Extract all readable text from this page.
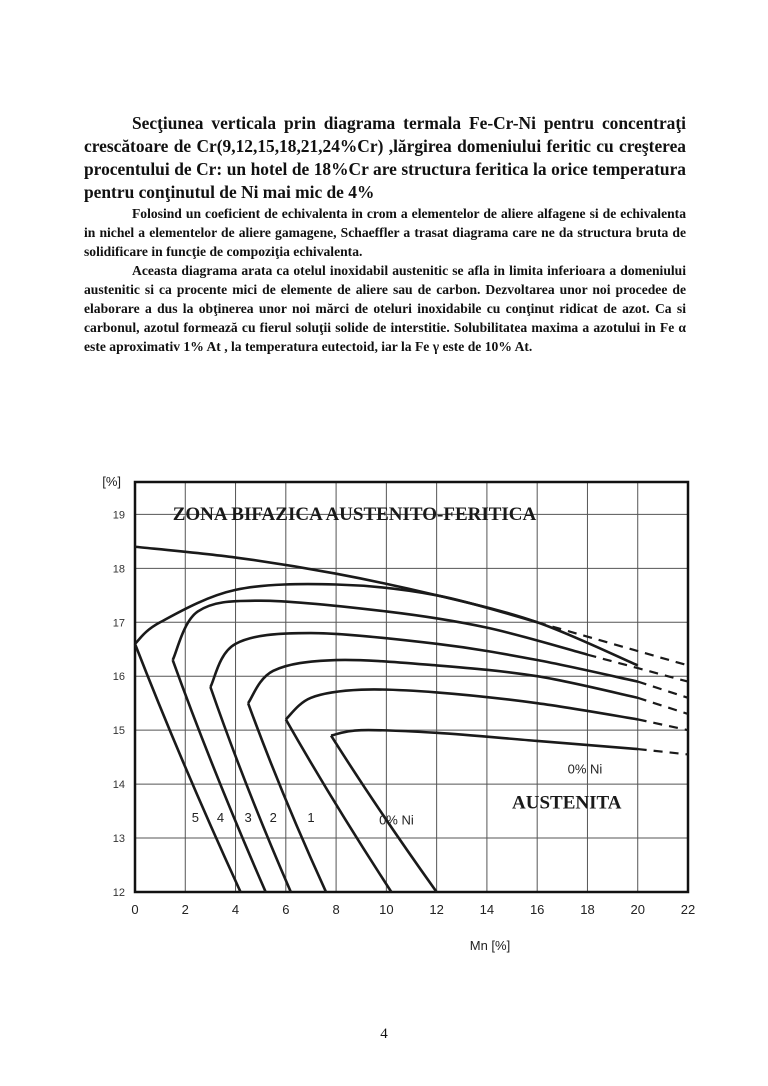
Secţiunea verticala prin diagrama termala Fe-Cr-Ni pentru concentraţi crescătoare de Cr(9,12,15,18,21,24%Cr) ,lărgirea domeniului feritic cu creşterea procentului de Cr: un hotel de 18%Cr are structura feritica la orice temperatura pentru conţinutul de Ni mai mic de 4%

Folosind un coeficient de echivalenta in crom a elementelor de aliere alfagene si de echivalenta in nichel a elementelor de aliere gamagene, Schaeffler a trasat diagrama care ne da structura bruta de solidificare in funcţie de compoziţia echivalenta.

Aceasta diagrama arata ca otelul inoxidabil austenitic se afla in limita inferioara a domeniului austenitic si ca procente mici de elemente de aliere sau de carbon. Dezvoltarea unor noi procedee de elaborare a dus la obţinerea unor noi mărci de oteluri inoxidabile cu conţinut ridicat de azot. Ca si carbonul, azotul formează cu fierul soluţii solide de interstitie. Solubilitatea maxima a azotului in Fe α este aproximativ 1% At , la temperatura eutectoid, iar la Fe γ este de 10% At.

0	2	4	6	8	10	12	14	16	18	20	22
19
18
17
16
15
14
13
12
[%]
Mn [%]
ZONA BIFAZICA AUSTENITO-FERITICA
AUSTENITA
5 4 3 2 1	0% Ni
0% Ni
4
